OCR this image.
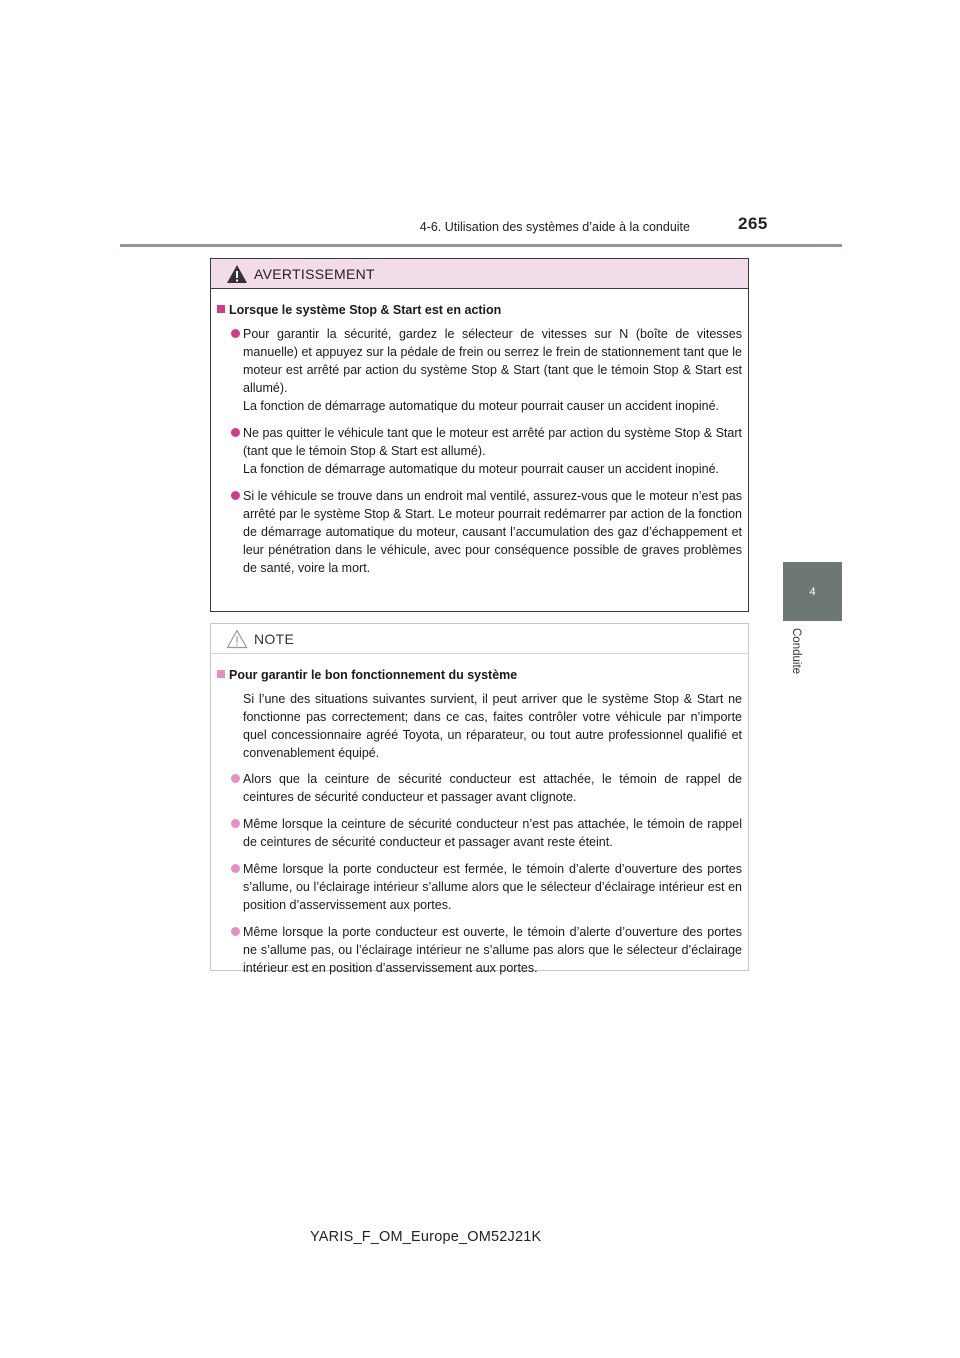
4-6. Utilisation des systèmes d’aide à la conduite	265
4
Conduite
AVERTISSEMENT
Lorsque le système Stop & Start est en action

Pour garantir la sécurité, gardez le sélecteur de vitesses sur N (boîte de vitesses manuelle) et appuyez sur la pédale de frein ou serrez le frein de stationnement tant que le moteur est arrêté par action du système Stop & Start (tant que le témoin Stop & Start est allumé).

La fonction de démarrage automatique du moteur pourrait causer un accident inopiné.

Ne pas quitter le véhicule tant que le moteur est arrêté par action du système Stop & Start (tant que le témoin Stop & Start est allumé).

La fonction de démarrage automatique du moteur pourrait causer un accident inopiné.

Si le véhicule se trouve dans un endroit mal ventilé, assurez-vous que le moteur n’est pas arrêté par le système Stop & Start. Le moteur pourrait redémarrer par action de la fonction de démarrage automatique du moteur, causant l’accumulation des gaz d’échappement et leur pénétration dans le véhicule, avec pour conséquence possible de graves problèmes de santé, voire la mort.

NOTE
Pour garantir le bon fonctionnement du système
Si l’une des situations suivantes survient, il peut arriver que le système Stop & Start ne fonctionne pas correctement; dans ce cas, faites contrôler votre véhicule par n’importe quel concessionnaire agréé Toyota, un réparateur, ou tout autre professionnel qualifié et convenablement équipé.

Alors que la ceinture de sécurité conducteur est attachée, le témoin de rappel de ceintures de sécurité conducteur et passager avant clignote.

Même lorsque la ceinture de sécurité conducteur n’est pas attachée, le témoin de rappel de ceintures de sécurité conducteur et passager avant reste éteint.

Même lorsque la porte conducteur est fermée, le témoin d’alerte d’ouverture des portes s’allume, ou l’éclairage intérieur s’allume alors que le sélecteur d’éclairage intérieur est en position d’asservissement aux portes.

Même lorsque la porte conducteur est ouverte, le témoin d’alerte d’ouverture des portes ne s’allume pas, ou l’éclairage intérieur ne s’allume pas alors que le sélecteur d’éclairage intérieur est en position d’asservissement aux portes.

YARIS_F_OM_Europe_OM52J21K
